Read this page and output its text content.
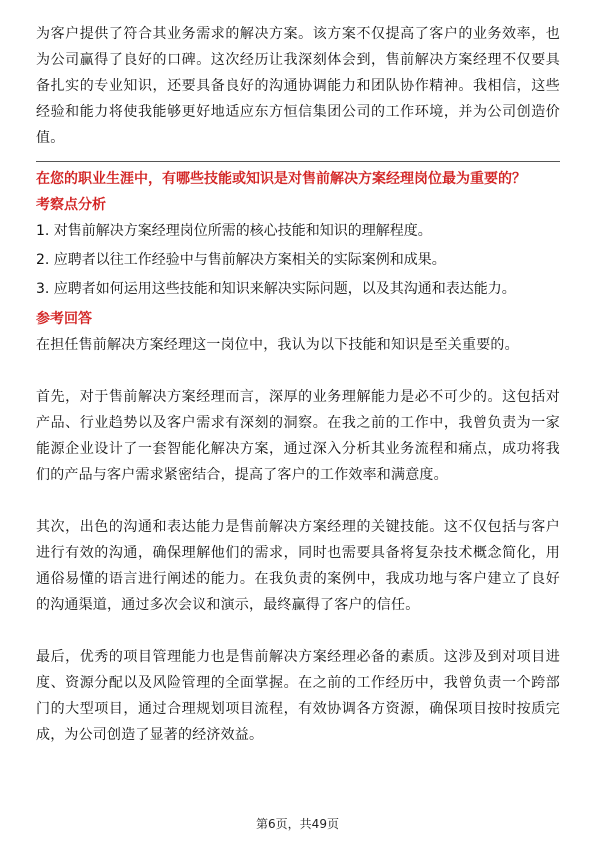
为客户提供了符合其业务需求的解决方案。该方案不仅提高了客户的业务效率，也为公司赢得了良好的口碑。这次经历让我深刻体会到，售前解决方案经理不仅要具备扎实的专业知识，还要具备良好的沟通协调能力和团队协作精神。我相信，这些经验和能力将使我能够更好地适应东方恒信集团公司的工作环境，并为公司创造价值。

在您的职业生涯中，有哪些技能或知识是对售前解决方案经理岗位最为重要的？

考察点分析

1. 对售前解决方案经理岗位所需的核心技能和知识的理解程度。
2. 应聘者以往工作经验中与售前解决方案相关的实际案例和成果。
3. 应聘者如何运用这些技能和知识来解决实际问题，以及其沟通和表达能力。

参考回答

在担任售前解决方案经理这一岗位中，我认为以下技能和知识是至关重要的。

首先，对于售前解决方案经理而言，深厚的业务理解能力是必不可少的。这包括对产品、行业趋势以及客户需求有深刻的洞察。在我之前的工作中，我曾负责为一家能源企业设计了一套智能化解决方案，通过深入分析其业务流程和痛点，成功将我们的产品与客户需求紧密结合，提高了客户的工作效率和满意度。

其次，出色的沟通和表达能力是售前解决方案经理的关键技能。这不仅包括与客户进行有效的沟通，确保理解他们的需求，同时也需要具备将复杂技术概念简化，用通俗易懂的语言进行阐述的能力。在我负责的案例中，我成功地与客户建立了良好的沟通渠道，通过多次会议和演示，最终赢得了客户的信任。

最后，优秀的项目管理能力也是售前解决方案经理必备的素质。这涉及到对项目进度、资源分配以及风险管理的全面掌握。在之前的工作经历中，我曾负责一个跨部门的大型项目，通过合理规划项目流程，有效协调各方资源，确保项目按时按质完成，为公司创造了显著的经济效益。

第6页，共49页
